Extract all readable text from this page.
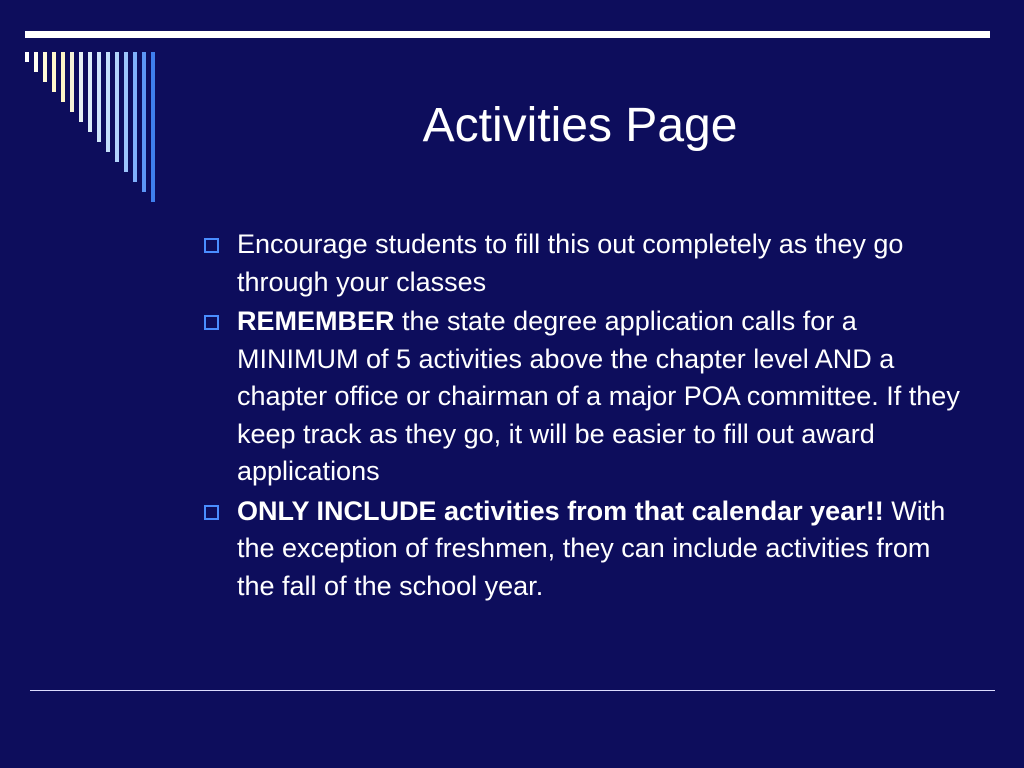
Activities Page
Encourage students to fill this out completely as they go through your classes
REMEMBER the state degree application calls for a MINIMUM of 5 activities above the chapter level AND a chapter office or chairman of a major POA committee. If they keep track as they go, it will be easier to fill out award applications
ONLY INCLUDE activities from that calendar year!! With the exception of freshmen, they can include activities from the fall of the school year.
